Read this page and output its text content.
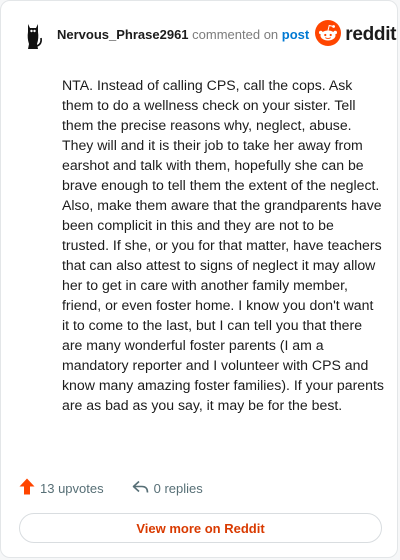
Nervous_Phrase2961 commented on post reddit

NTA. Instead of calling CPS, call the cops. Ask them to do a wellness check on your sister. Tell them the precise reasons why, neglect, abuse. They will and it is their job to take her away from earshot and talk with them, hopefully she can be brave enough to tell them the extent of the neglect. Also, make them aware that the grandparents have been complicit in this and they are not to be trusted. If she, or you for that matter, have teachers that can also attest to signs of neglect it may allow her to get in care with another family member, friend, or even foster home. I know you don't want it to come to the last, but I can tell you that there are many wonderful foster parents (I am a mandatory reporter and I volunteer with CPS and know many amazing foster families). If your parents are as bad as you say, it may be for the best.

13 upvotes	0 replies
View more on Reddit
